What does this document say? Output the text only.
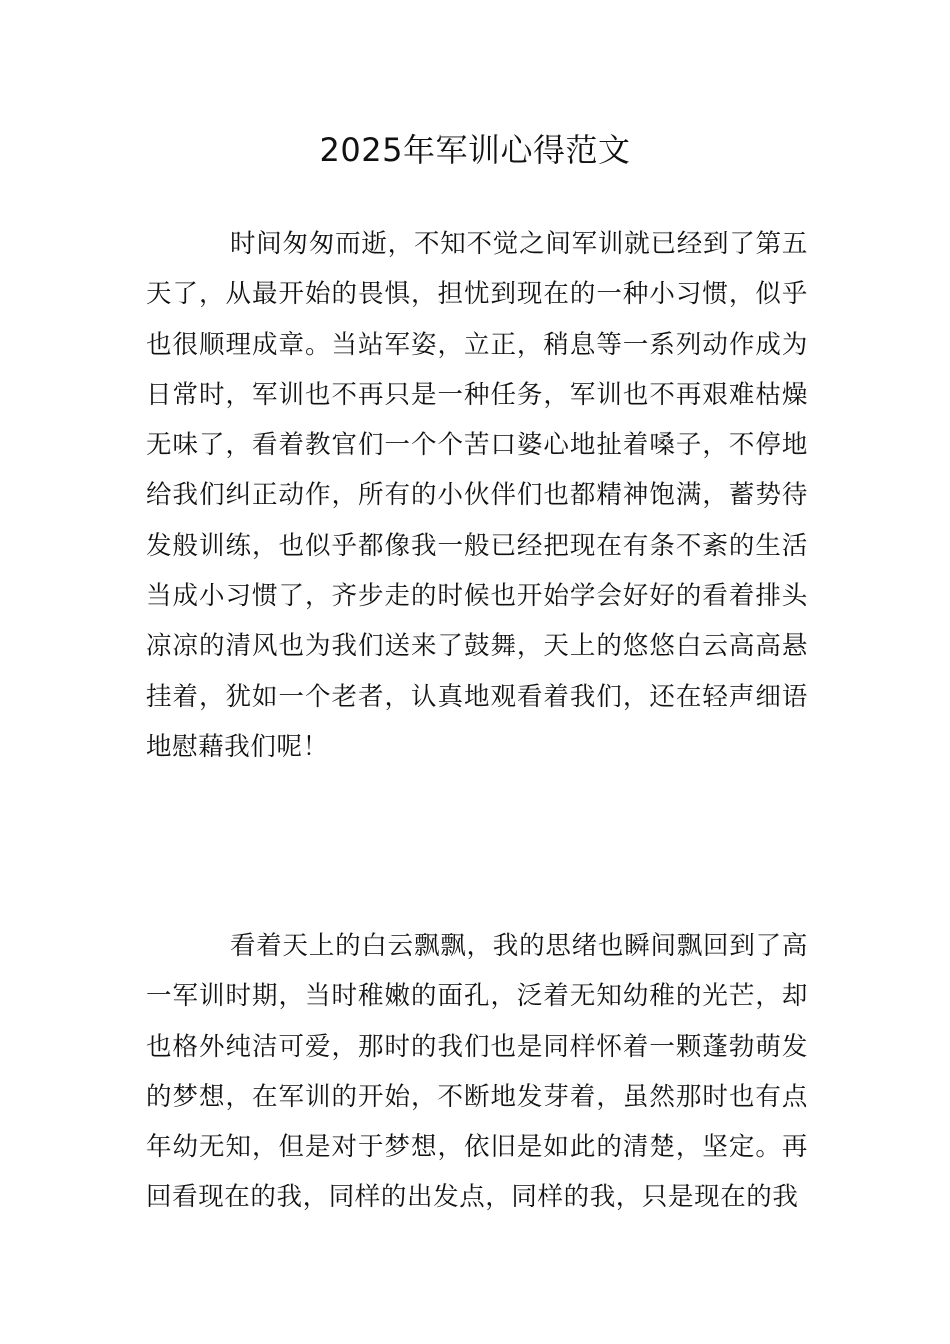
2025年军训心得范文

时间匆匆而逝，不知不觉之间军训就已经到了第五天了，从最开始的畏惧，担忧到现在的一种小习惯，似乎也很顺理成章。当站军姿，立正，稍息等一系列动作成为日常时，军训也不再只是一种任务，军训也不再艰难枯燥无味了，看着教官们一个个苦口婆心地扯着嗓子，不停地给我们纠正动作，所有的小伙伴们也都精神饱满，蓄势待发般训练，也似乎都像我一般已经把现在有条不紊的生活当成小习惯了，齐步走的时候也开始学会好好的看着排头凉凉的清风也为我们送来了鼓舞，天上的悠悠白云高高悬挂着，犹如一个老者，认真地观看着我们，还在轻声细语地慰藉我们呢！

看着天上的白云飘飘，我的思绪也瞬间飘回到了高一军训时期，当时稚嫩的面孔，泛着无知幼稚的光芒，却也格外纯洁可爱，那时的我们也是同样怀着一颗蓬勃萌发的梦想，在军训的开始，不断地发芽着，虽然那时也有点年幼无知，但是对于梦想，依旧是如此的清楚，坚定。再回看现在的我，同样的出发点，同样的我，只是现在的我
